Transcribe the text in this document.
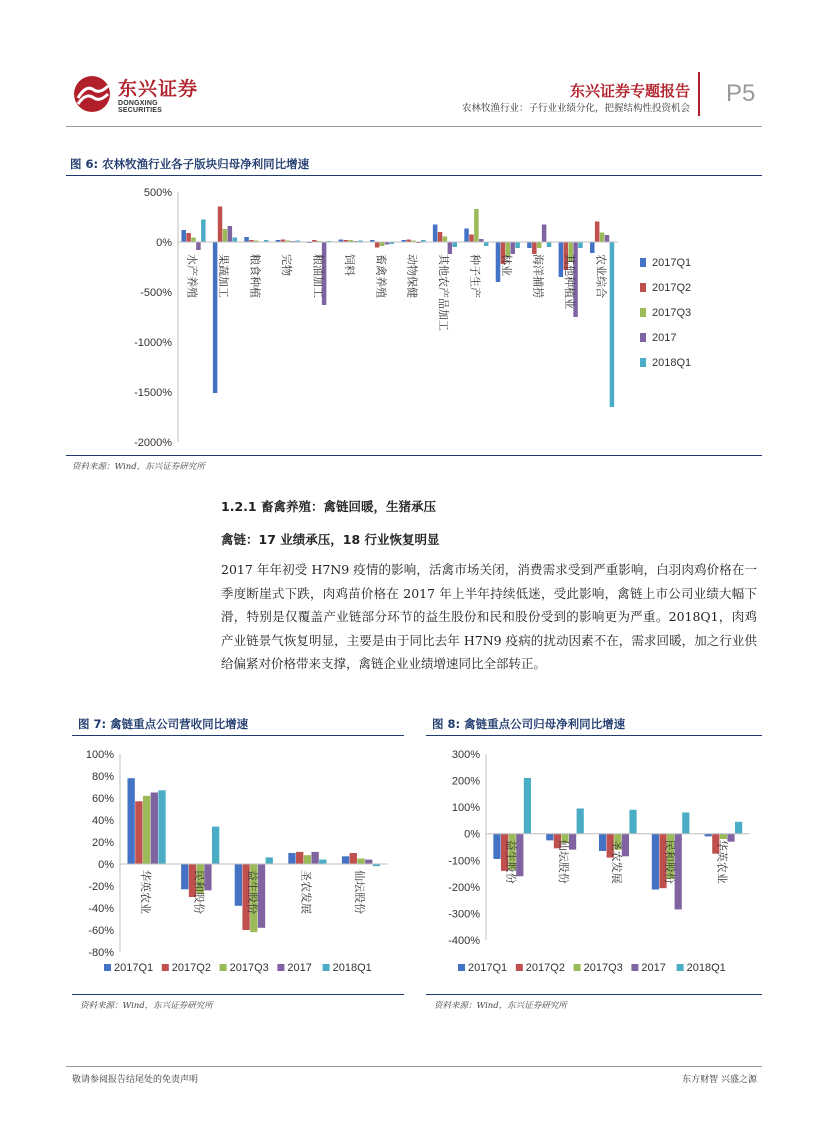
东兴证券
DONGXING SECURITIES
东兴证券专题报告
农林牧渔行业：子行业业绩分化，把握结构性投资机会
P5
图 6: 农林牧渔行业各子版块归母净利同比增速
500%
0%
-500%
-1000%
-1500%
-2000%
水产养殖 果蔬加工 粮食种植 完物 粮油加工 饲料 畜禽养殖 动物保健 其他农产品加工 种子生产 林业 海洋捕捞 其他种植业 农业综合	2017Q1
2017Q2
2017Q3
2017
2018Q1
资料来源：Wind，东兴证券研究所
1.2.1 畜禽养殖：禽链回暖，生猪承压
禽链：17 业绩承压，18 行业恢复明显
2017 年年初受 H7N9 疫情的影响，活禽市场关闭，消费需求受到严重影响，白羽肉鸡价格在一季度断崖式下跌，肉鸡苗价格在 2017 年上半年持续低迷，受此影响，禽链上市公司业绩大幅下滑，特别是仅覆盖产业链部分环节的益生股份和民和股份受到的影响更为严重。2018Q1，肉鸡产业链景气恢复明显，主要是由于同比去年 H7N9 疫病的扰动因素不在，需求回暖，加之行业供给偏紧对价格带来支撑，禽链企业业绩增速同比全部转正。
图 7: 禽链重点公司营收同比增速
100%
80%
60%
40%
20%
0%
-20%
-40%
-60%
-80%
华英农业	民和股份	益生股份	圣农发展	仙坛股份
2017Q1 2017Q2 2017Q3 2017 2018Q1
资料来源：Wind，东兴证券研究所
图 8: 禽链重点公司归母净利同比增速
300%
200%
100%
0%
-100%
-200%
-300%
-400%
益生股份	仙坛股份	圣农发展	民和股份	华英农业
2017Q1 2017Q2 2017Q3 2017 2018Q1
资料来源：Wind，东兴证券研究所
敬请参阅报告结尾处的免责声明	东方财智 兴盛之源
